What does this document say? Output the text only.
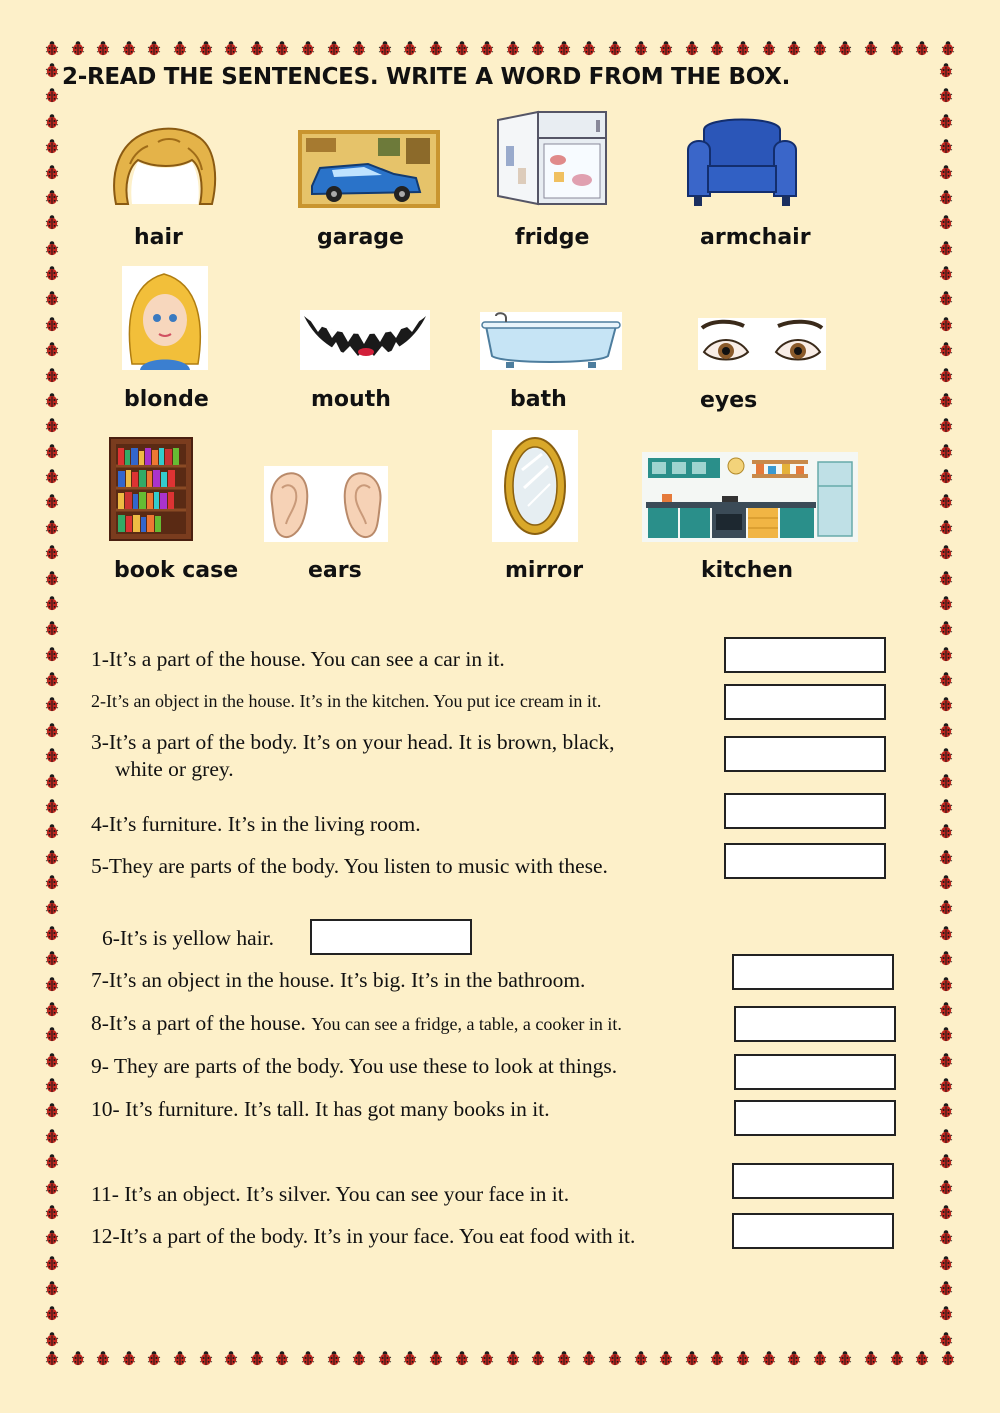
2-READ THE SENTENCES. WRITE A WORD FROM THE BOX.
hair	garage	fridge	armchair
blonde	mouth	bath	eyes
book case	ears	mirror	kitchen
1-It’s a part of the house. You can see a car in it.
2-It’s an object in the house. It’s in the kitchen. You put ice cream in it.
3-It’s a part of the body. It’s on your head. It is brown, black,
white or grey.
4-It’s furniture. It’s in the living room.
5-They are parts of the body. You listen to music with these.
6-It’s is yellow hair.
7-It’s an object in the house. It’s big. It’s in the bathroom.
8-It’s a part of the house. You can see a fridge, a table, a cooker in it.
9- They are parts of the body. You use these to look at things.
10- It’s furniture. It’s tall. It has got many books in it.
11- It’s an object. It’s silver. You can see your face in it.
12-It’s a part of the body. It’s in your face. You eat food with it.
